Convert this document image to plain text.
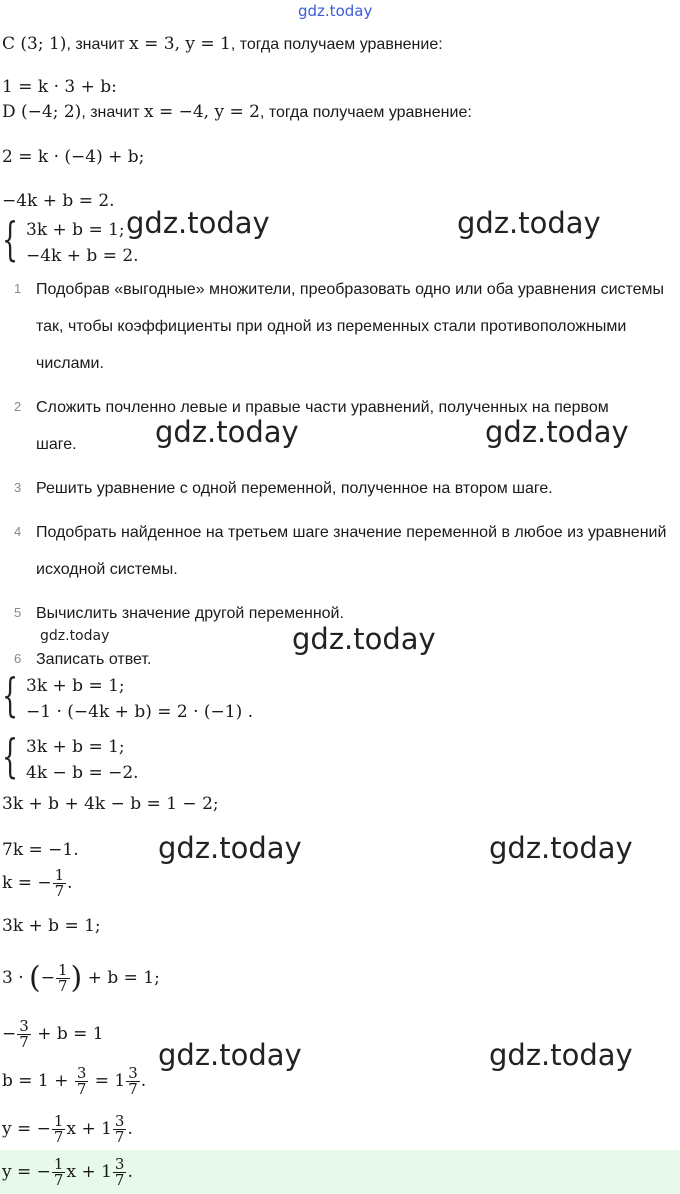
gdz.today
C (3; 1), значит x = 3, y = 1, тогда получаем уравнение:
1 = k · 3 + b:
D (−4; 2), значит x = −4, y = 2, тогда получаем уравнение:
2 = k · (−4) + b;
−4k + b = 2.
{ 3k + b = 1;
−4k + b = 2.
gdz.today	gdz.today
1 Подобрав «выгодные» множители, преобразовать одно или оба уравнения системы так, чтобы коэффициенты при одной из переменных стали противоположными числами.
2 Сложить почленно левые и правые части уравнений, полученных на первом шаге.	gdz.today	gdz.today
3 Решить уравнение с одной переменной, полученное на втором шаге.
4 Подобрать найденное на третьем шаге значение переменной в любое из уравнений исходной системы.
5 Вычислить значение другой переменной.
gdz.today	gdz.today
6 Записать ответ.
{ 3k + b = 1;
−1 · (−4k + b) = 2 · (−1) .
{ 3k + b = 1;
4k − b = −2.
3k + b + 4k − b = 1 − 2;
7k = −1.	gdz.today	gdz.today
k = − $\frac{1}{7}$ .
3k + b = 1;
3 · (− $\frac{1}{7}$ ) + b = 1;
− $\frac{3}{7} + b = 1$
gdz.today	gdz.today
$b = 1 + \frac{3}{7} = 1 \frac{3}{7}$ .
y = − $\frac{1}{7}$ $x + 1 \frac{3}{7}$ .
y = − $\frac{1}{7}$ $x + 1 \frac{3}{7}$ .
